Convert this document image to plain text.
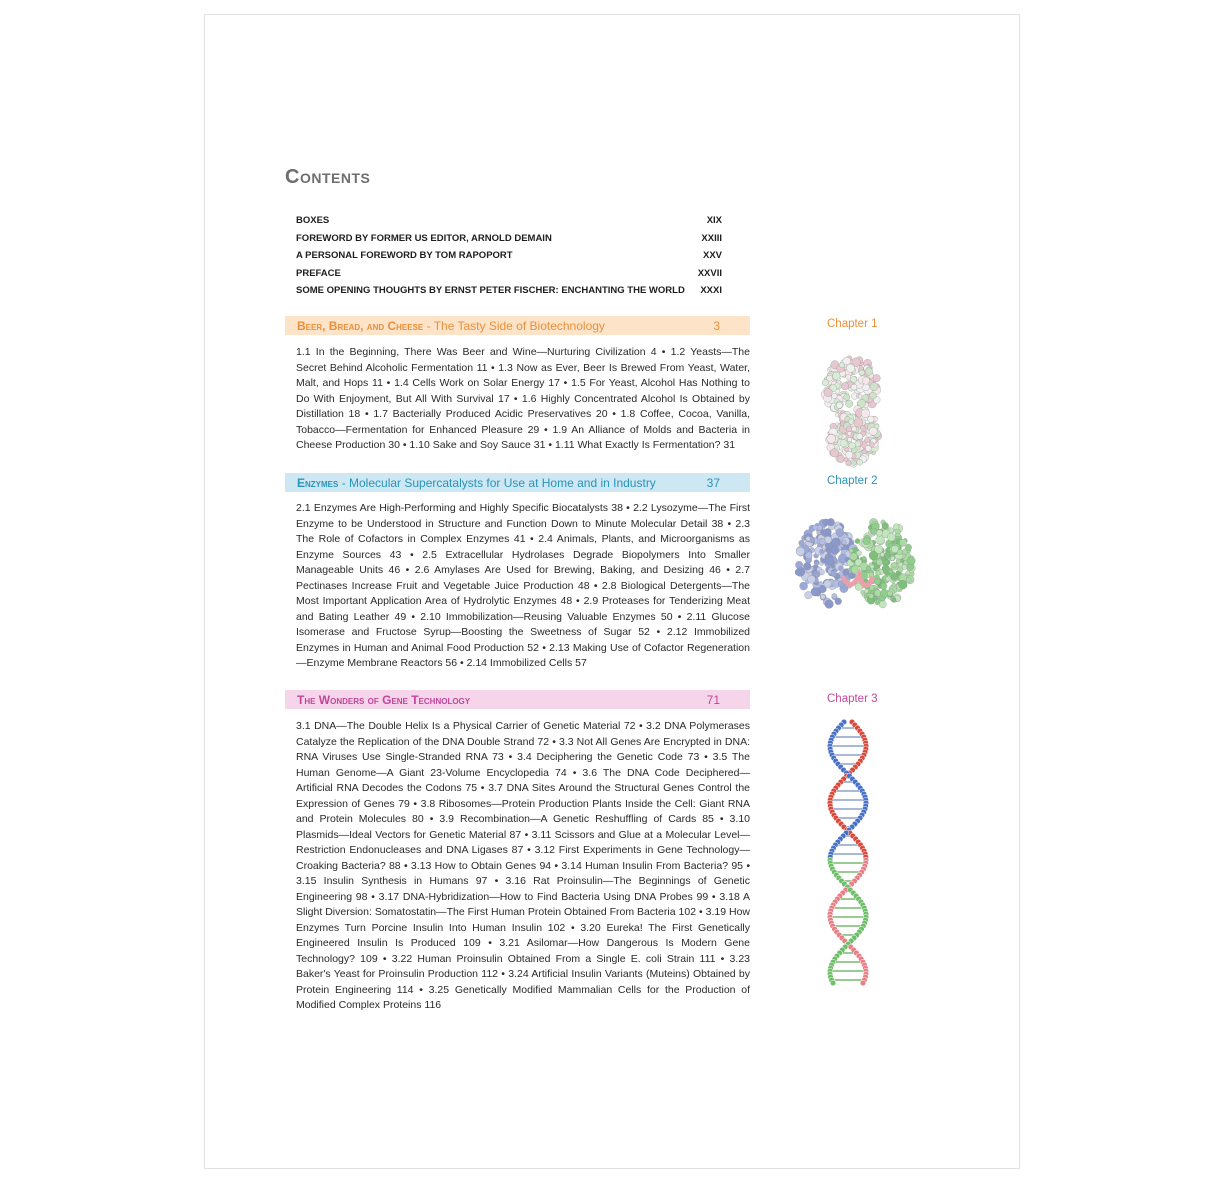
Contents
BOXES	XIX
FOREWORD BY FORMER US EDITOR, ARNOLD DEMAIN	XXIII
A PERSONAL FOREWORD BY TOM RAPOPORT	XXV
PREFACE	XXVII
SOME OPENING THOUGHTS BY ERNST PETER FISCHER: ENCHANTING THE WORLD XXXI
Beer, Bread, and Cheese - The Tasty Side of Biotechnology	3

1.1 In the Beginning, There Was Beer and Wine—Nurturing Civilization 4 • 1.2 Yeasts—The Secret Behind Alcoholic Fermentation 11 • 1.3 Now as Ever, Beer Is Brewed From Yeast, Water, Malt, and Hops 11 • 1.4 Cells Work on Solar Energy 17 • 1.5 For Yeast, Alcohol Has Nothing to Do With Enjoyment, But All With Survival 17 • 1.6 Highly Concentrated Alcohol Is Obtained by Distillation 18 • 1.7 Bacterially Produced Acidic Preservatives 20 • 1.8 Coffee, Cocoa, Vanilla, Tobacco—Fermentation for Enhanced Pleasure 29 • 1.9 An Alliance of Molds and Bacteria in Cheese Production 30 • 1.10 Sake and Soy Sauce 31 • 1.11 What Exactly Is Fermentation? 31

Chapter 1
Enzymes - Molecular Supercatalysts for Use at Home and in Industry	37

2.1 Enzymes Are High-Performing and Highly Specific Biocatalysts 38 • 2.2 Lysozyme—The First Enzyme to be Understood in Structure and Function Down to Minute Molecular Detail 38 • 2.3 The Role of Cofactors in Complex Enzymes 41 • 2.4 Animals, Plants, and Microorganisms as Enzyme Sources 43 • 2.5 Extracellular Hydrolases Degrade Biopolymers Into Smaller Manageable Units 46 • 2.6 Amylases Are Used for Brewing, Baking, and Desizing 46 • 2.7 Pectinases Increase Fruit and Vegetable Juice Production 48 • 2.8 Biological Detergents—The Most Important Application Area of Hydrolytic Enzymes 48 • 2.9 Proteases for Tenderizing Meat and Bating Leather 49 • 2.10 Immobilization—Reusing Valuable Enzymes 50 • 2.11 Glucose Isomerase and Fructose Syrup—Boosting the Sweetness of Sugar 52 • 2.12 Immobilized Enzymes in Human and Animal Food Production 52 • 2.13 Making Use of Cofactor Regeneration—Enzyme Membrane Reactors 56 • 2.14 Immobilized Cells 57

Chapter 2
The Wonders of Gene Technology	71

3.1 DNA—The Double Helix Is a Physical Carrier of Genetic Material 72 • 3.2 DNA Polymerases Catalyze the Replication of the DNA Double Strand 72 • 3.3 Not All Genes Are Encrypted in DNA: RNA Viruses Use Single-Stranded RNA 73 • 3.4 Deciphering the Genetic Code 73 • 3.5 The Human Genome—A Giant 23-Volume Encyclopedia 74 • 3.6 The DNA Code Deciphered—Artificial RNA Decodes the Codons 75 • 3.7 DNA Sites Around the Structural Genes Control the Expression of Genes 79 • 3.8 Ribosomes—Protein Production Plants Inside the Cell: Giant RNA and Protein Molecules 80 • 3.9 Recombination—A Genetic Reshuffling of Cards 85 • 3.10 Plasmids—Ideal Vectors for Genetic Material 87 • 3.11 Scissors and Glue at a Molecular Level—Restriction Endonucleases and DNA Ligases 87 • 3.12 First Experiments in Gene Technology—Croaking Bacteria? 88 • 3.13 How to Obtain Genes 94 • 3.14 Human Insulin From Bacteria? 95 • 3.15 Insulin Synthesis in Humans 97 • 3.16 Rat Proinsulin—The Beginnings of Genetic Engineering 98 • 3.17 DNA-Hybridization—How to Find Bacteria Using DNA Probes 99 • 3.18 A Slight Diversion: Somatostatin—The First Human Protein Obtained From Bacteria 102 • 3.19 How Enzymes Turn Porcine Insulin Into Human Insulin 102 • 3.20 Eureka! The First Genetically Engineered Insulin Is Produced 109 • 3.21 Asilomar—How Dangerous Is Modern Gene Technology? 109 • 3.22 Human Proinsulin Obtained From a Single E. coli Strain 111 • 3.23 Baker's Yeast for Proinsulin Production 112 • 3.24 Artificial Insulin Variants (Muteins) Obtained by Protein Engineering 114 • 3.25 Genetically Modified Mammalian Cells for the Production of Modified Complex Proteins 116

Chapter 3
